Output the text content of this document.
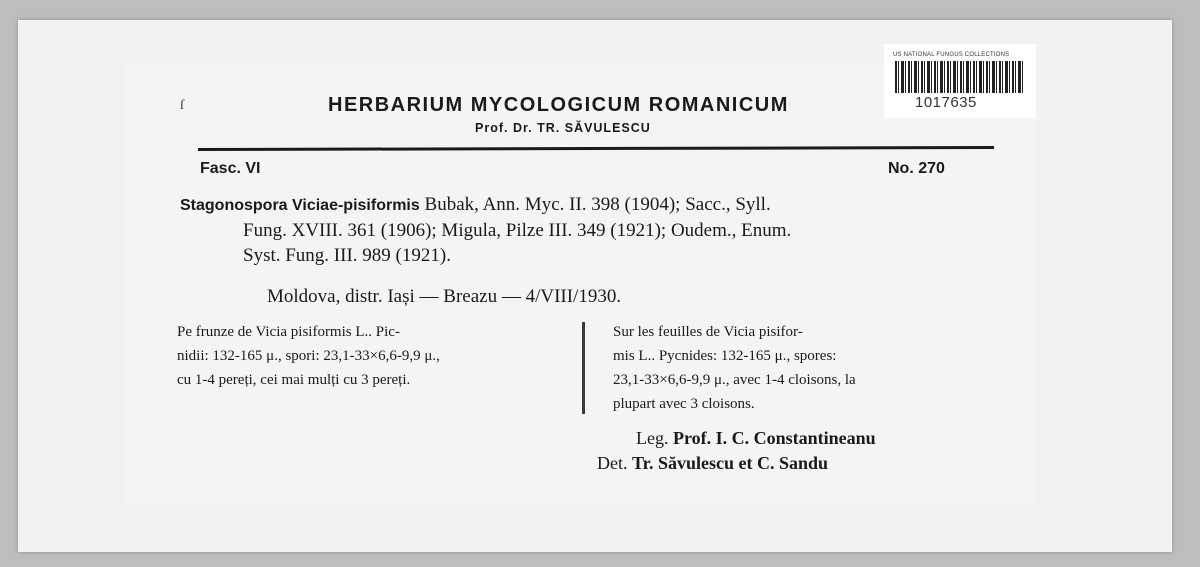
US NATIONAL FUNGUS COLLECTIONS
1017635
ſ	HERBARIUM MYCOLOGICUM ROMANICUM
Prof. Dr. TR. SĂVULESCU
Fasc. VI	No. 270
Stagonospora Viciae-pisiformis Bubak, Ann. Myc. II. 398 (1904); Sacc., Syll.
Fung. XVIII. 361 (1906); Migula, Pilze III. 349 (1921); Oudem., Enum.
Syst. Fung. III. 989 (1921).
Moldova, distr. Iași — Breazu — 4/VIII/1930.
Pe frunze de Vicia pisiformis L.. Pic-
nidii: 132-165 μ., spori: 23,1-33×6,6-9,9 μ.,
cu 1-4 pereți, cei mai mulți cu 3 pereți.
Sur les feuilles de Vicia pisifor-
mis L.. Pycnides: 132-165 μ., spores:
23,1-33×6,6-9,9 μ., avec 1-4 cloisons, la
plupart avec 3 cloisons.
Leg. Prof. I. C. Constantineanu
Det. Tr. Săvulescu et C. Sandu
